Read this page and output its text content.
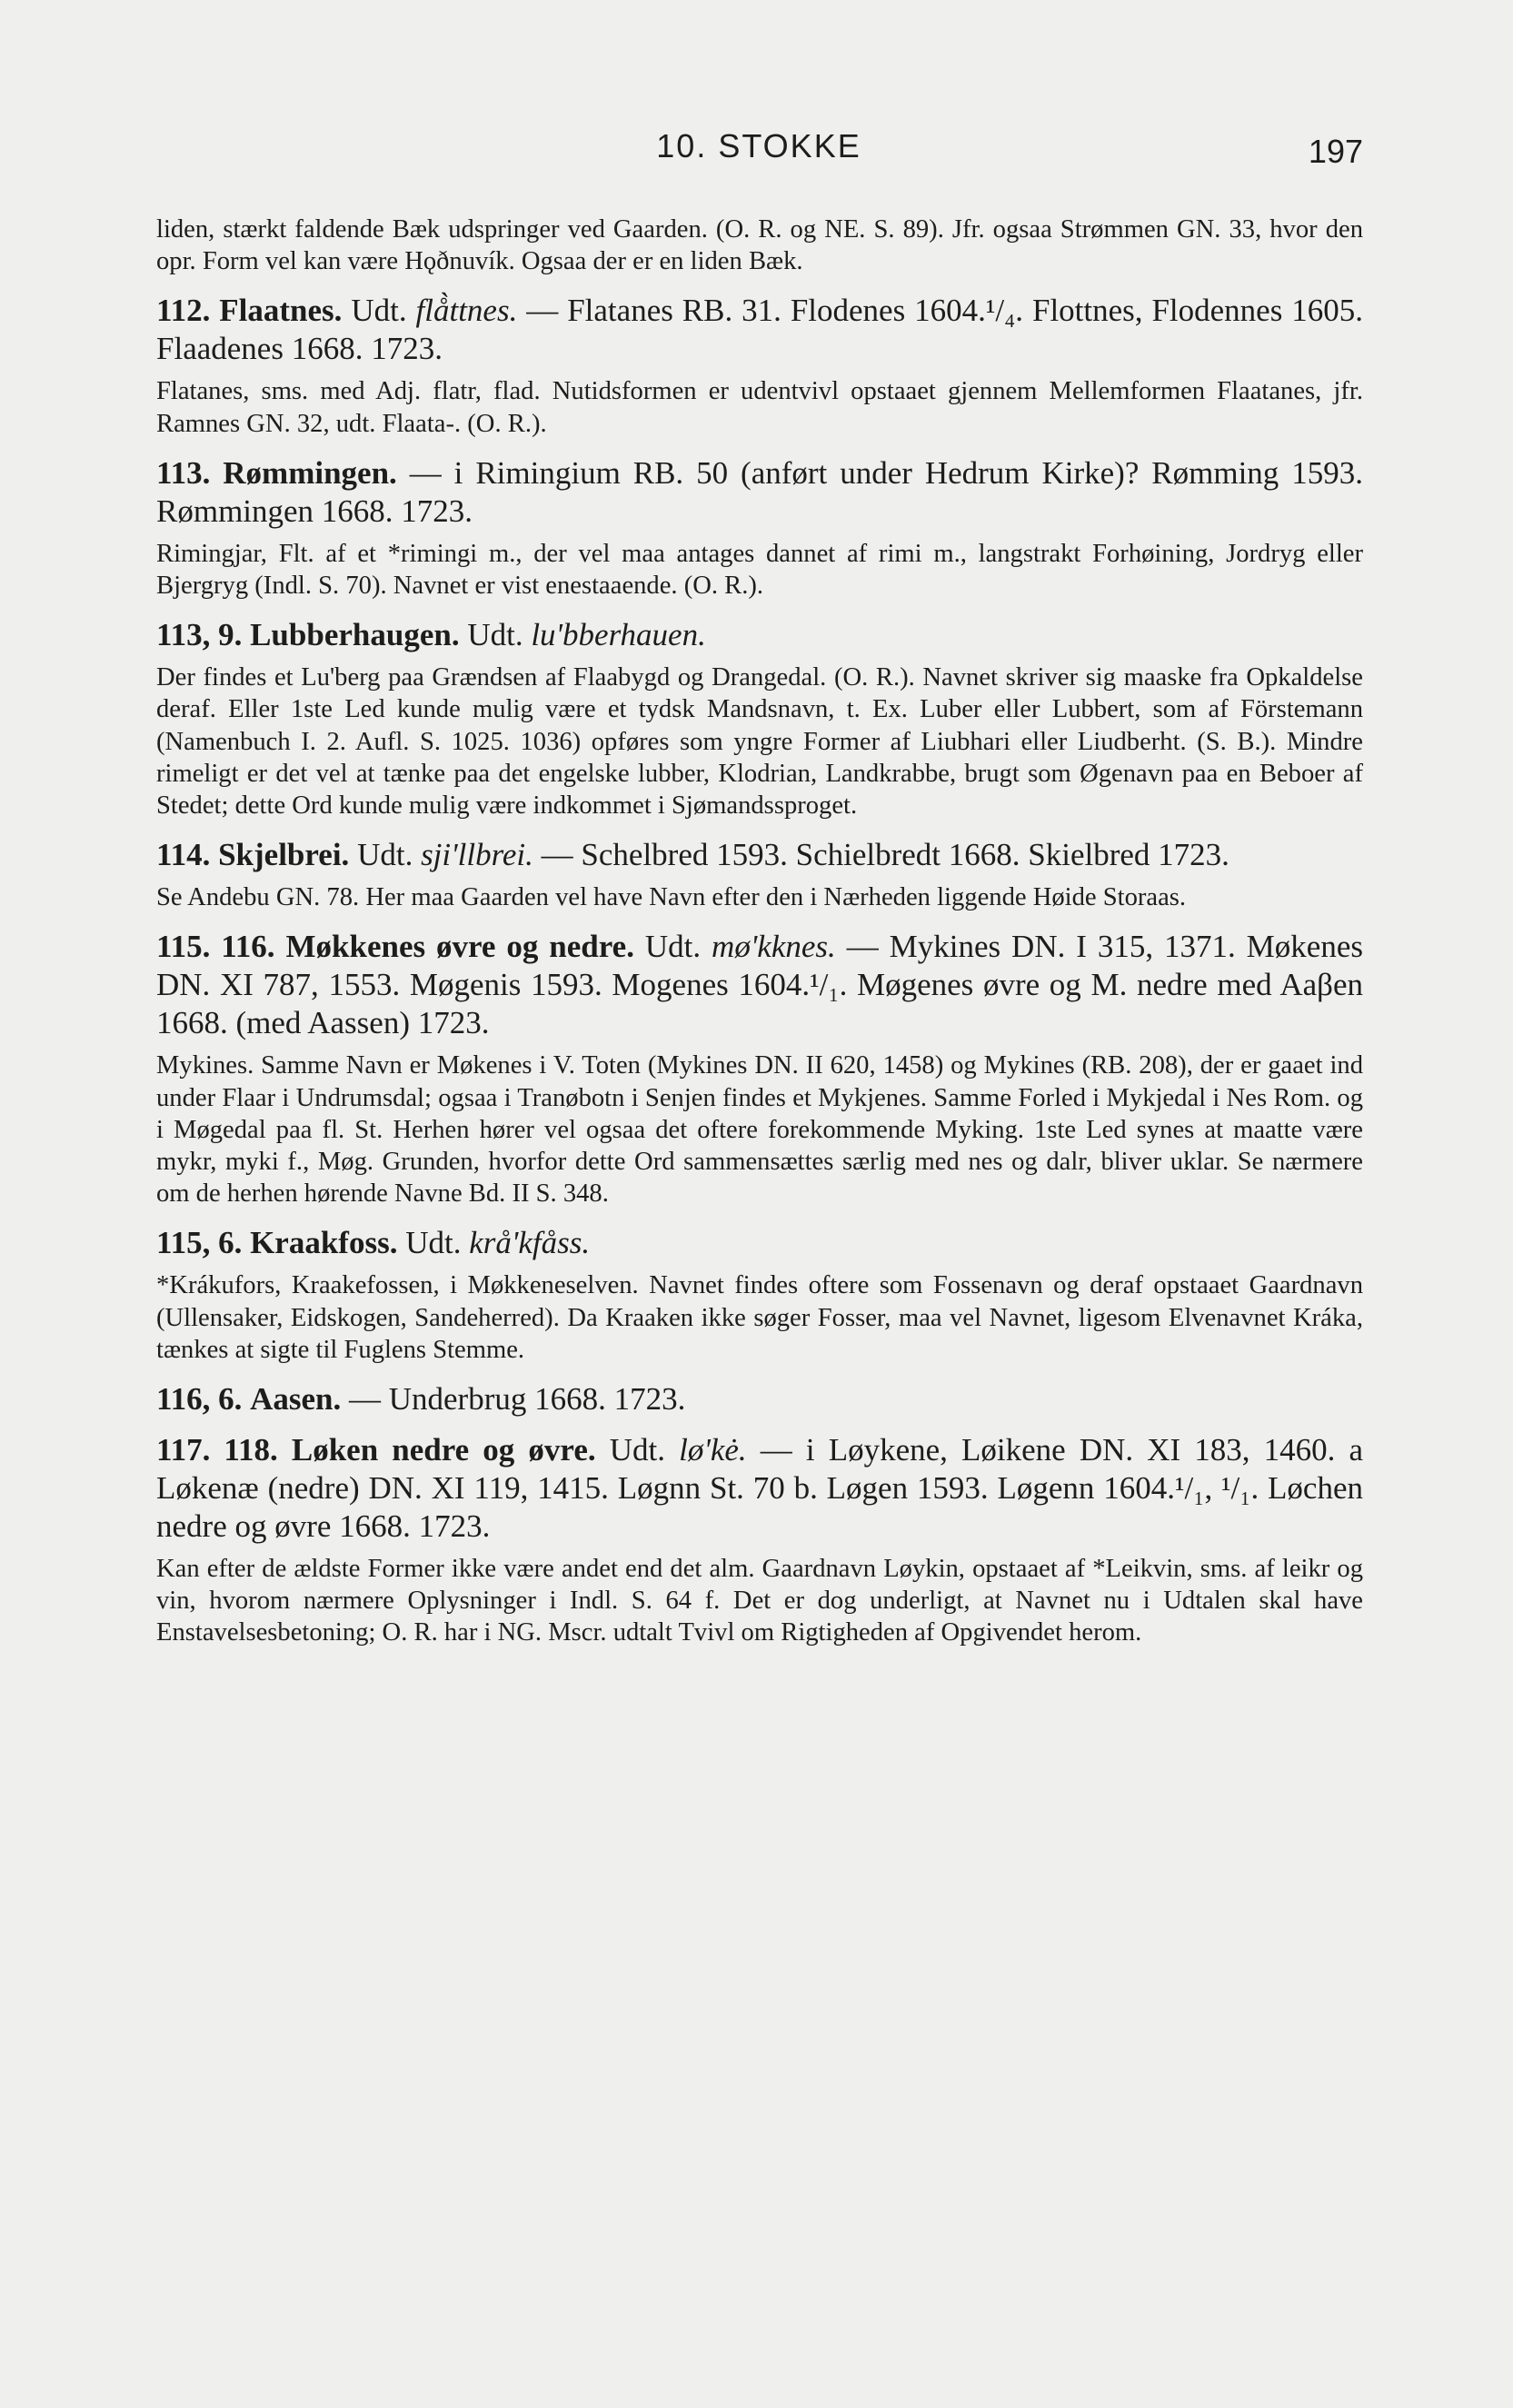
10. STOKKE	197

liden, stærkt faldende Bæk udspringer ved Gaarden. (O. R. og NE. S. 89). Jfr. ogsaa Strømmen GN. 33, hvor den opr. Form vel kan være Hǫðnuvík. Ogsaa der er en liden Bæk.

112. Flaatnes. Udt. flå̀ttnes. — Flatanes RB. 31. Flodenes 1604.¹/₄. Flottnes, Flodennes 1605. Flaadenes 1668. 1723.

Flatanes, sms. med Adj. flatr, flad. Nutidsformen er udentvivl opstaaet gjennem Mellemformen Flaatanes, jfr. Ramnes GN. 32, udt. Flaata-. (O. R.).

113. Rømmingen. — i Rimingium RB. 50 (anført under Hedrum Kirke)? Rømming 1593. Rømmingen 1668. 1723.

Rimingjar, Flt. af et *rimingi m., der vel maa antages dannet af rimi m., langstrakt Forhøining, Jordryg eller Bjergryg (Indl. S. 70). Navnet er vist enestaaende. (O. R.).

113, 9. Lubberhaugen. Udt. lu'bberhauen.

Der findes et Lu'berg paa Grændsen af Flaabygd og Drangedal. (O. R.). Navnet skriver sig maaske fra Opkaldelse deraf. Eller 1ste Led kunde mulig være et tydsk Mandsnavn, t. Ex. Luber eller Lubbert, som af Förstemann (Namenbuch I. 2. Aufl. S. 1025. 1036) opføres som yngre Former af Liubhari eller Liudberht. (S. B.). Mindre rimeligt er det vel at tænke paa det engelske lubber, Klodrian, Landkrabbe, brugt som Øgenavn paa en Beboer af Stedet; dette Ord kunde mulig være indkommet i Sjømandssproget.

114. Skjelbrei. Udt. sji'llbrei. — Schelbred 1593. Schielbredt 1668. Skielbred 1723.

Se Andebu GN. 78. Her maa Gaarden vel have Navn efter den i Nærheden liggende Høide Storaas.

115. 116. Møkkenes øvre og nedre. Udt. mø'kknes. — Mykines DN. I 315, 1371. Møkenes DN. XI 787, 1553. Møgenis 1593. Mogenes 1604.¹/₁. Møgenes øvre og M. nedre med Aaβen 1668. (med Aassen) 1723.

Mykines. Samme Navn er Møkenes i V. Toten (Mykines DN. II 620, 1458) og Mykines (RB. 208), der er gaaet ind under Flaar i Undrumsdal; ogsaa i Tranøbotn i Senjen findes et Mykjenes. Samme Forled i Mykjedal i Nes Rom. og i Møgedal paa fl. St. Herhen hører vel ogsaa det oftere forekommende Myking. 1ste Led synes at maatte være mykr, myki f., Møg. Grunden, hvorfor dette Ord sammensættes særlig med nes og dalr, bliver uklar. Se nærmere om de herhen hørende Navne Bd. II S. 348.

115, 6. Kraakfoss. Udt. krå'kfåss.

*Krákufors, Kraakefossen, i Møkkeneselven. Navnet findes oftere som Fossenavn og deraf opstaaet Gaardnavn (Ullensaker, Eidskogen, Sandeherred). Da Kraaken ikke søger Fosser, maa vel Navnet, ligesom Elvenavnet Kráka, tænkes at sigte til Fuglens Stemme.

116, 6. Aasen. — Underbrug 1668. 1723.

117. 118. Løken nedre og øvre. Udt. lø'kė. — i Løykene, Løikene DN. XI 183, 1460. a Løkenæ (nedre) DN. XI 119, 1415. Løgnn St. 70 b. Løgen 1593. Løgenn 1604.¹/₁, ¹/₁. Løchen nedre og øvre 1668. 1723.

Kan efter de ældste Former ikke være andet end det alm. Gaardnavn Løykin, opstaaet af *Leikvin, sms. af leikr og vin, hvorom nærmere Oplysninger i Indl. S. 64 f. Det er dog underligt, at Navnet nu i Udtalen skal have Enstavelsesbetoning; O. R. har i NG. Mscr. udtalt Tvivl om Rigtigheden af Opgivendet herom.
